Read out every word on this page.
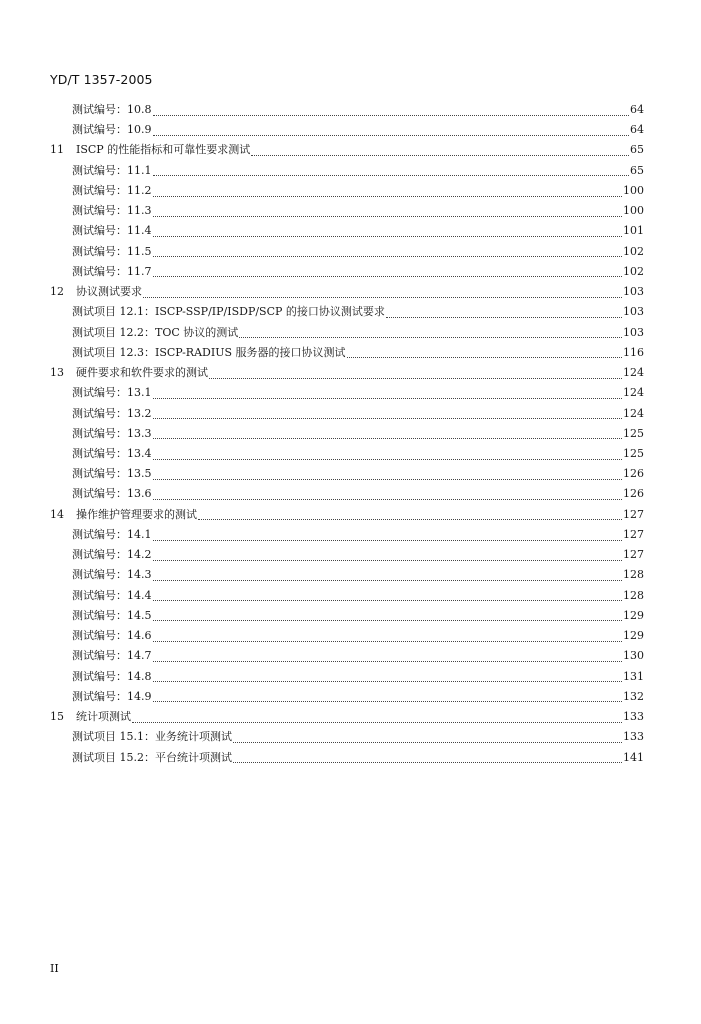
YD/T 1357-2005
测试编号：10.8	64
测试编号：10.9	64
11	ISCP 的性能指标和可靠性要求测试	65
测试编号：11.1	65
测试编号：11.2	100
测试编号：11.3	100
测试编号：11.4	101
测试编号：11.5	102
测试编号：11.7	102
12	协议测试要求	103
测试项目 12.1：ISCP-SSP/IP/ISDP/SCP 的接口协议测试要求	103
测试项目 12.2：TOC 协议的测试	103
测试项目 12.3：ISCP-RADIUS 服务器的接口协议测试	116
13	硬件要求和软件要求的测试	124
测试编号：13.1	124
测试编号：13.2	124
测试编号：13.3	125
测试编号：13.4	125
测试编号：13.5	126
测试编号：13.6	126
14	操作维护管理要求的测试	127
测试编号：14.1	127
测试编号：14.2	127
测试编号：14.3	128
测试编号：14.4	128
测试编号：14.5	129
测试编号：14.6	129
测试编号：14.7	130
测试编号：14.8	131
测试编号：14.9	132
15	统计项测试	133
测试项目 15.1：业务统计项测试	133
测试项目 15.2：平台统计项测试	141
II
